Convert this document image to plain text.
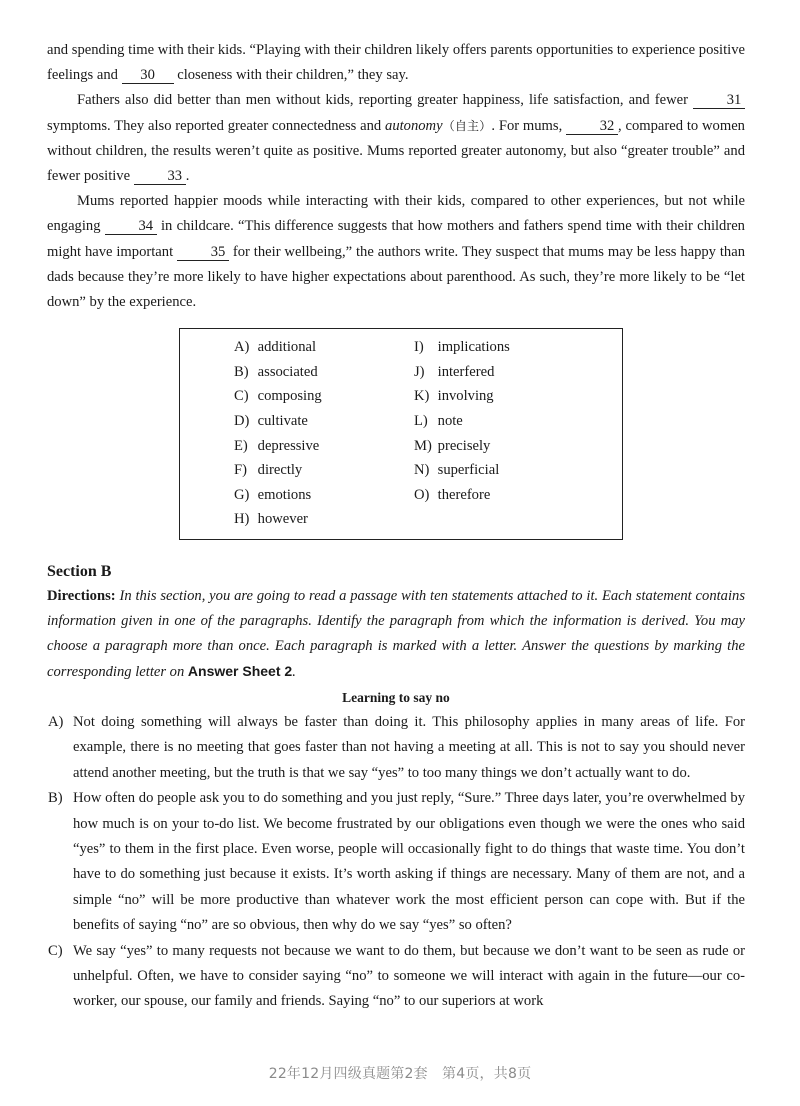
and spending time with their kids. “Playing with their children likely offers parents opportunities to experience positive feelings and 30 closeness with their children,” they say.

Fathers also did better than men without kids, reporting greater happiness, life satisfaction, and fewer 31 symptoms. They also reported greater connectedness and autonomy（自主）. For mums, 32 , compared to women without children, the results weren’t quite as positive. Mums reported greater autonomy, but also “greater trouble” and fewer positive 33 .

Mums reported happier moods while interacting with their kids, compared to other experiences, but not while engaging 34 in childcare. “This difference suggests that how mothers and fathers spend time with their children might have important 35 for their wellbeing,” the authors write. They suspect that mums may be less happy than dads because they’re more likely to have higher expectations about parenthood. As such, they’re more likely to be “let down” by the experience.

A) additional	I) implications
B) associated	J) interfered
C) composing	K) involving
D) cultivate	L) note
E) depressive	M) precisely
F) directly	N) superficial
G) emotions	O) therefore
H) however
Section B

Directions: In this section, you are going to read a passage with ten statements attached to it. Each statement contains information given in one of the paragraphs. Identify the paragraph from which the information is derived. You may choose a paragraph more than once. Each paragraph is marked with a letter. Answer the questions by marking the corresponding letter on Answer Sheet 2.

Learning to say no
A) Not doing something will always be faster than doing it. This philosophy applies in many areas of life. For example, there is no meeting that goes faster than not having a meeting at all. This is not to say you should never attend another meeting, but the truth is that we say “yes” to too many things we don’t actually want to do.
B) How often do people ask you to do something and you just reply, “Sure.” Three days later, you’re overwhelmed by how much is on your to-do list. We become frustrated by our obligations even though we were the ones who said “yes” to them in the first place. Even worse, people will occasionally fight to do things that waste time. You don’t have to do something just because it exists. It’s worth asking if things are necessary. Many of them are not, and a simple “no” will be more productive than whatever work the most efficient person can cope with. But if the benefits of saying “no” are so obvious, then why do we say “yes” so often?
C) We say “yes” to many requests not because we want to do them, but because we don’t want to be seen as rude or unhelpful. Often, we have to consider saying “no” to someone we will interact with again in the future—our co-worker, our spouse, our family and friends. Saying “no” to our superiors at work
22年12月四级真题第2套　第4页，共8页
